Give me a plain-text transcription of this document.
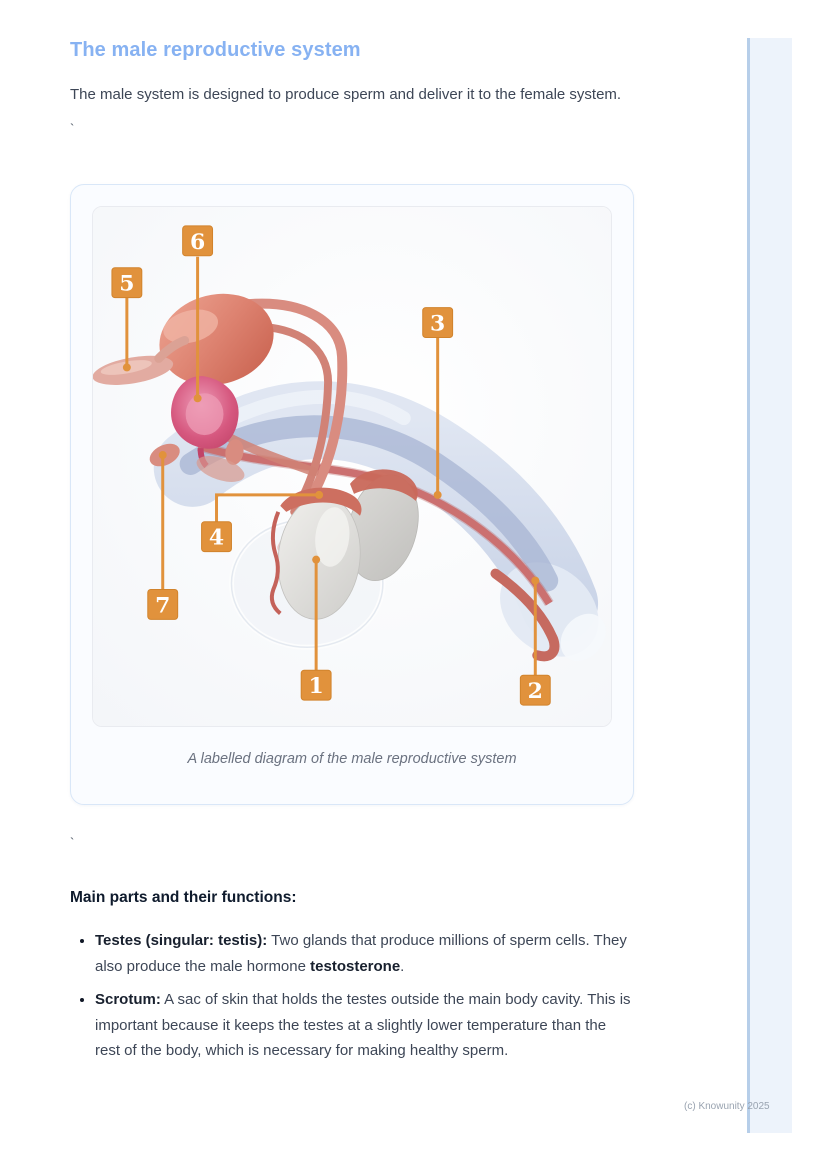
The male reproductive system

The male system is designed to produce sperm and deliver it to the female system.

`
6
5
3
4
7
1	2
A labelled diagram of the male reproductive system
`
Main parts and their functions:
• Testes (singular: testis): Two glands that produce millions of sperm cells. They also produce the male hormone testosterone.
• Scrotum: A sac of skin that holds the testes outside the main body cavity. This is important because it keeps the testes at a slightly lower temperature than the rest of the body, which is necessary for making healthy sperm.
(c) Knowunity 2025
